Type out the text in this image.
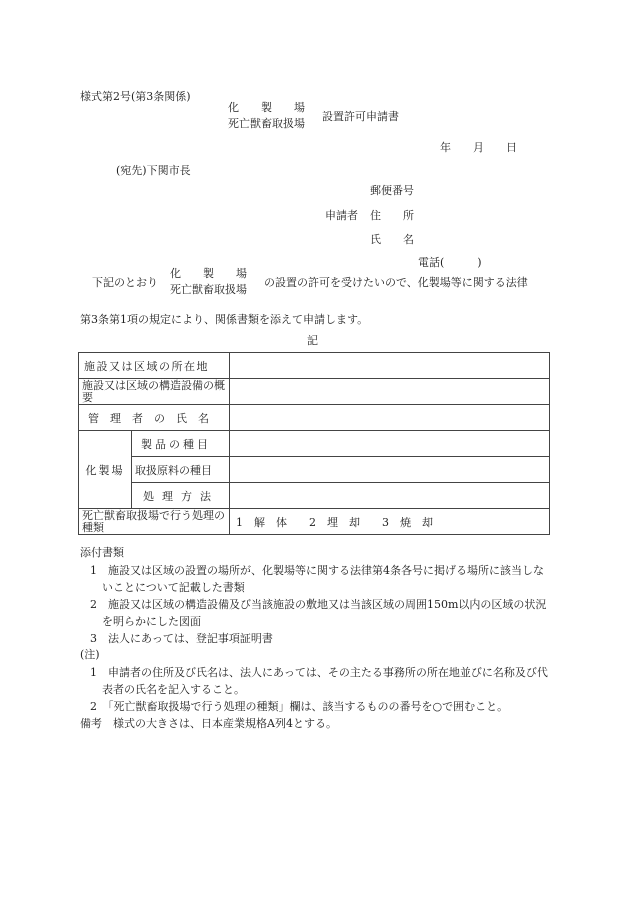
様式第2号(第3条関係)
化　　製　　場
死亡獣畜取扱場
設置許可申請書
年　　月　　日
(宛先)下関市長
郵便番号
申請者 住　　所
氏　　名
電話(　　　)
下記のとおり
化　　製　　場
死亡獣畜取扱場
の設置の許可を受けたいので、化製場等に関する法律
第3条第1項の規定により、関係書類を添えて申請します。
記
施設又は区域の所在地		

施設又は区域の構造設備の概要		
管　理　者　の　氏　名		
化製場	製品の種目	
	取扱原料の種目	
	処理方法	
死亡獣畜取扱場で行う処理の種類		1　解　体　　2　埋　却　　3　焼　却
添付書類
1　施設又は区域の設置の場所が、化製場等に関する法律第4条各号に掲げる場所に該当しないことについて記載した書類
2　施設又は区域の構造設備及び当該施設の敷地又は当該区域の周囲150m以内の区域の状況を明らかにした図面
3　法人にあっては、登記事項証明書
(注)
1　申請者の住所及び氏名は、法人にあっては、その主たる事務所の所在地並びに名称及び代表者の氏名を記入すること。
2　「死亡獣畜取扱場で行う処理の種類」欄は、該当するものの番号を○で囲むこと。
備考　様式の大きさは、日本産業規格A列4とする。
